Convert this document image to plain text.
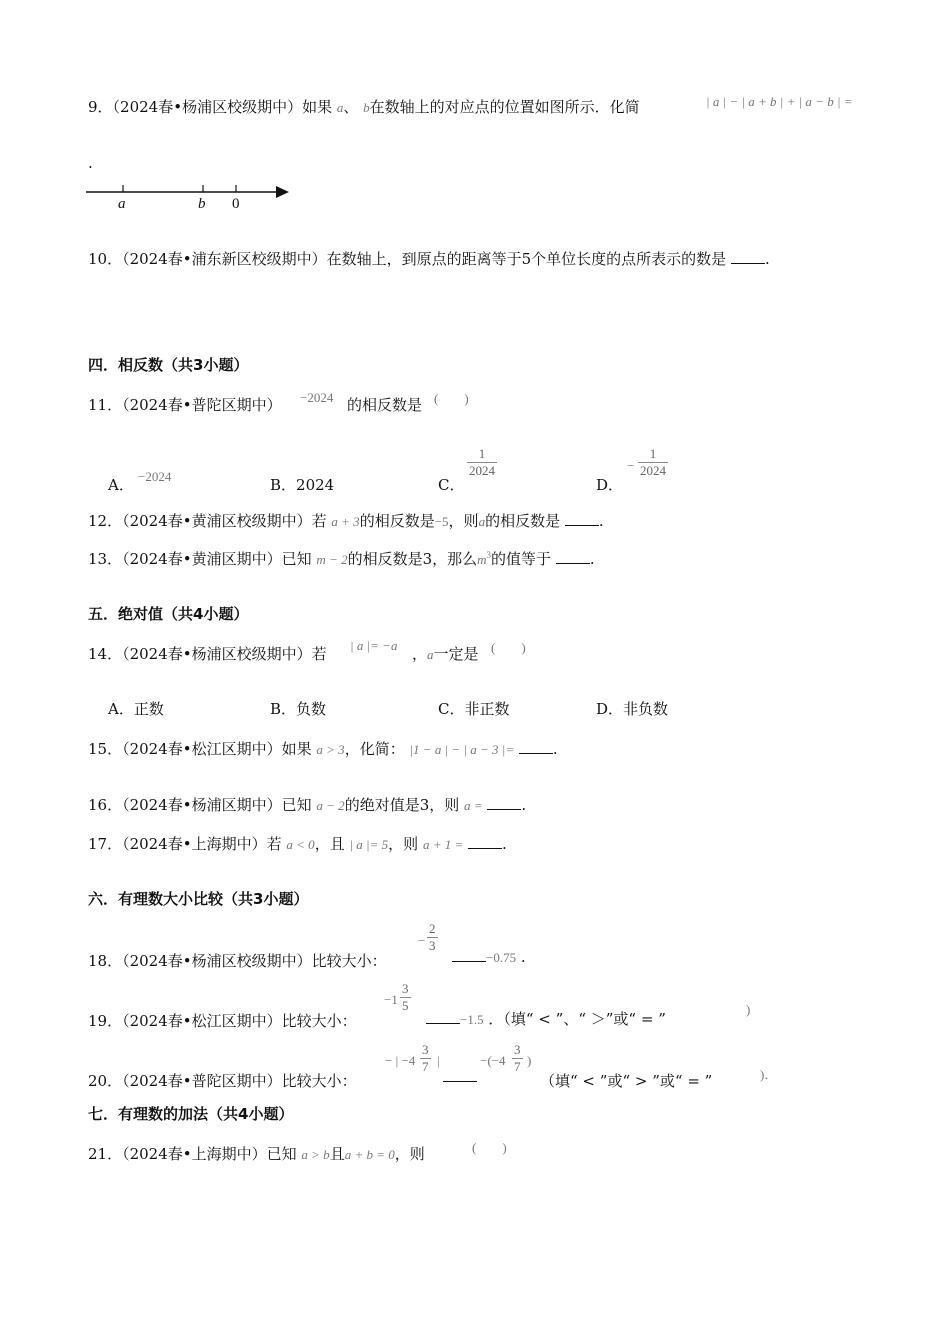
9．（2024春•杨浦区校级期中）如果 a、 b在数轴上的对应点的位置如图所示．化简	| a | − | a + b | + | a − b | =
.
a	b 0
10．（2024春•浦东新区校级期中）在数轴上，到原点的距离等于5个单位长度的点所表示的数是	.
四．相反数（共3小题）
11．（2024春•普陀区期中） −2024 的相反数是 (　　)
A． −2024	B．2024	C．
1
2024
D．
−
1
2024
12．（2024春•黄浦区校级期中）若 a + 3的相反数是−5，则a的相反数是	.
13．（2024春•黄浦区期中）已知 m − 2的相反数是3，那么$m^3$的值等于	.
五．绝对值（共4小题）
14．（2024春•杨浦区校级期中）若 | a |= −a ，a一定是 (　　)
A．正数	B．负数	C．非正数	D．非负数
15．（2024春•松江区期中）如果 a > 3，化简： |1 − a | − | a − 3 |=	.
16．（2024春•杨浦区期中）已知 a − 2的绝对值是3，则 a =	.
17．（2024春•上海期中）若 a < 0，且 | a |= 5，则 a + 1 =	.
六．有理数大小比较（共3小题）
18．（2024春•杨浦区校级期中）比较大小：
−
2
3
−0.75 .
19．（2024春•松江区期中）比较大小：
−1
3
5
−1.5 ．（填“ < ”、“ ＞”或“ = ”
)
20．（2024春•普陀区期中）比较大小：
− | −4
3
7 |	−(−4
3
7 )
（填“ < ”或“ > ”或“ = ”	)．
七．有理数的加法（共4小题）
21．（2024春•上海期中）已知 a > b且a + b = 0，则	(　　)
